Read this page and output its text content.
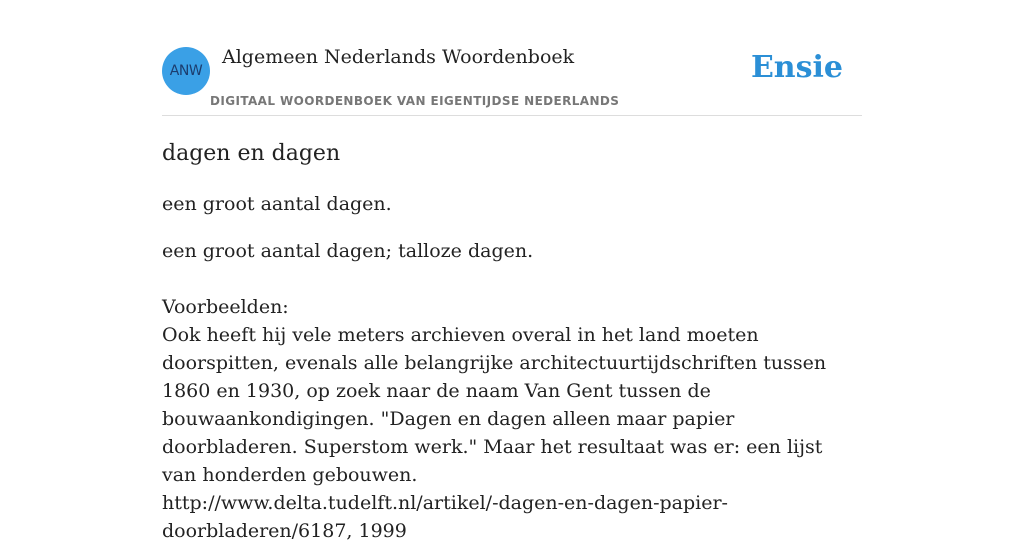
ANW
Algemeen Nederlands Woordenboek
DIGITAAL WOORDENBOEK VAN EIGENTIJDSE NEDERLANDS
Ensie
dagen en dagen

een groot aantal dagen.

een groot aantal dagen; talloze dagen.

Voorbeelden:
Ook heeft hij vele meters archieven overal in het land moeten doorspitten, evenals alle belangrijke architectuurtijdschriften tussen 1860 en 1930, op zoek naar de naam Van Gent tussen de bouwaankondigingen. "Dagen en dagen alleen maar papier doorbladeren. Superstom werk." Maar het resultaat was er: een lijst van honderden gebouwen.
http://www.delta.tudelft.nl/artikel/-dagen-en-dagen-papier-doorbladeren/6187, 1999
